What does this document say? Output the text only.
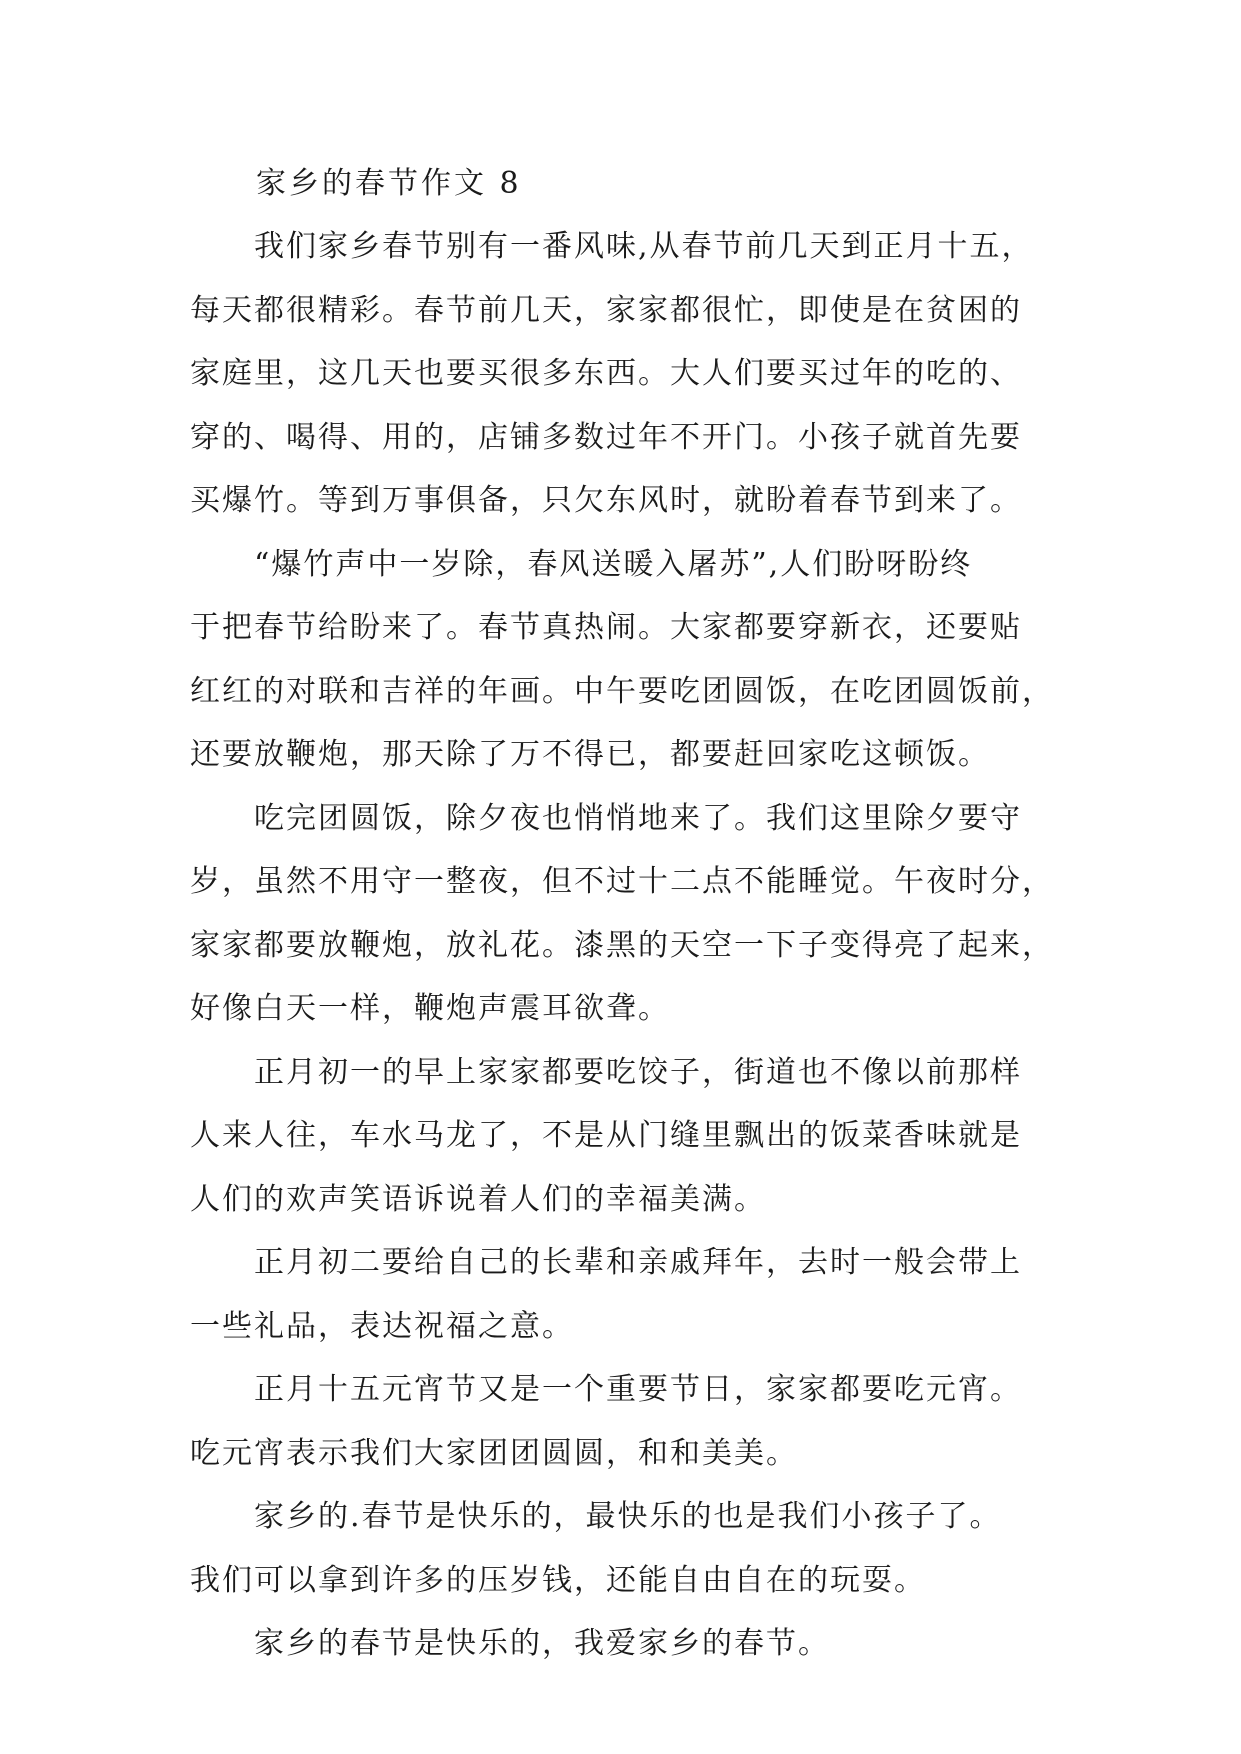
家乡的春节作文 8

我们家乡春节别有一番风味,从春节前几天到正月十五，
每天都很精彩。春节前几天，家家都很忙，即使是在贫困的
家庭里，这几天也要买很多东西。大人们要买过年的吃的、
穿的、喝得、用的，店铺多数过年不开门。小孩子就首先要
买爆竹。等到万事俱备，只欠东风时，就盼着春节到来了。

“爆竹声中一岁除，春风送暖入屠苏”,人们盼呀盼终
于把春节给盼来了。春节真热闹。大家都要穿新衣，还要贴
红红的对联和吉祥的年画。中午要吃团圆饭，在吃团圆饭前，
还要放鞭炮，那天除了万不得已，都要赶回家吃这顿饭。

吃完团圆饭，除夕夜也悄悄地来了。我们这里除夕要守
岁，虽然不用守一整夜，但不过十二点不能睡觉。午夜时分，
家家都要放鞭炮，放礼花。漆黑的天空一下子变得亮了起来，
好像白天一样，鞭炮声震耳欲聋。

正月初一的早上家家都要吃饺子，街道也不像以前那样
人来人往，车水马龙了，不是从门缝里飘出的饭菜香味就是
人们的欢声笑语诉说着人们的幸福美满。

正月初二要给自己的长辈和亲戚拜年，去时一般会带上
一些礼品，表达祝福之意。

正月十五元宵节又是一个重要节日，家家都要吃元宵。
吃元宵表示我们大家团团圆圆，和和美美。

家乡的.春节是快乐的，最快乐的也是我们小孩子了。
我们可以拿到许多的压岁钱，还能自由自在的玩耍。

家乡的春节是快乐的，我爱家乡的春节。
